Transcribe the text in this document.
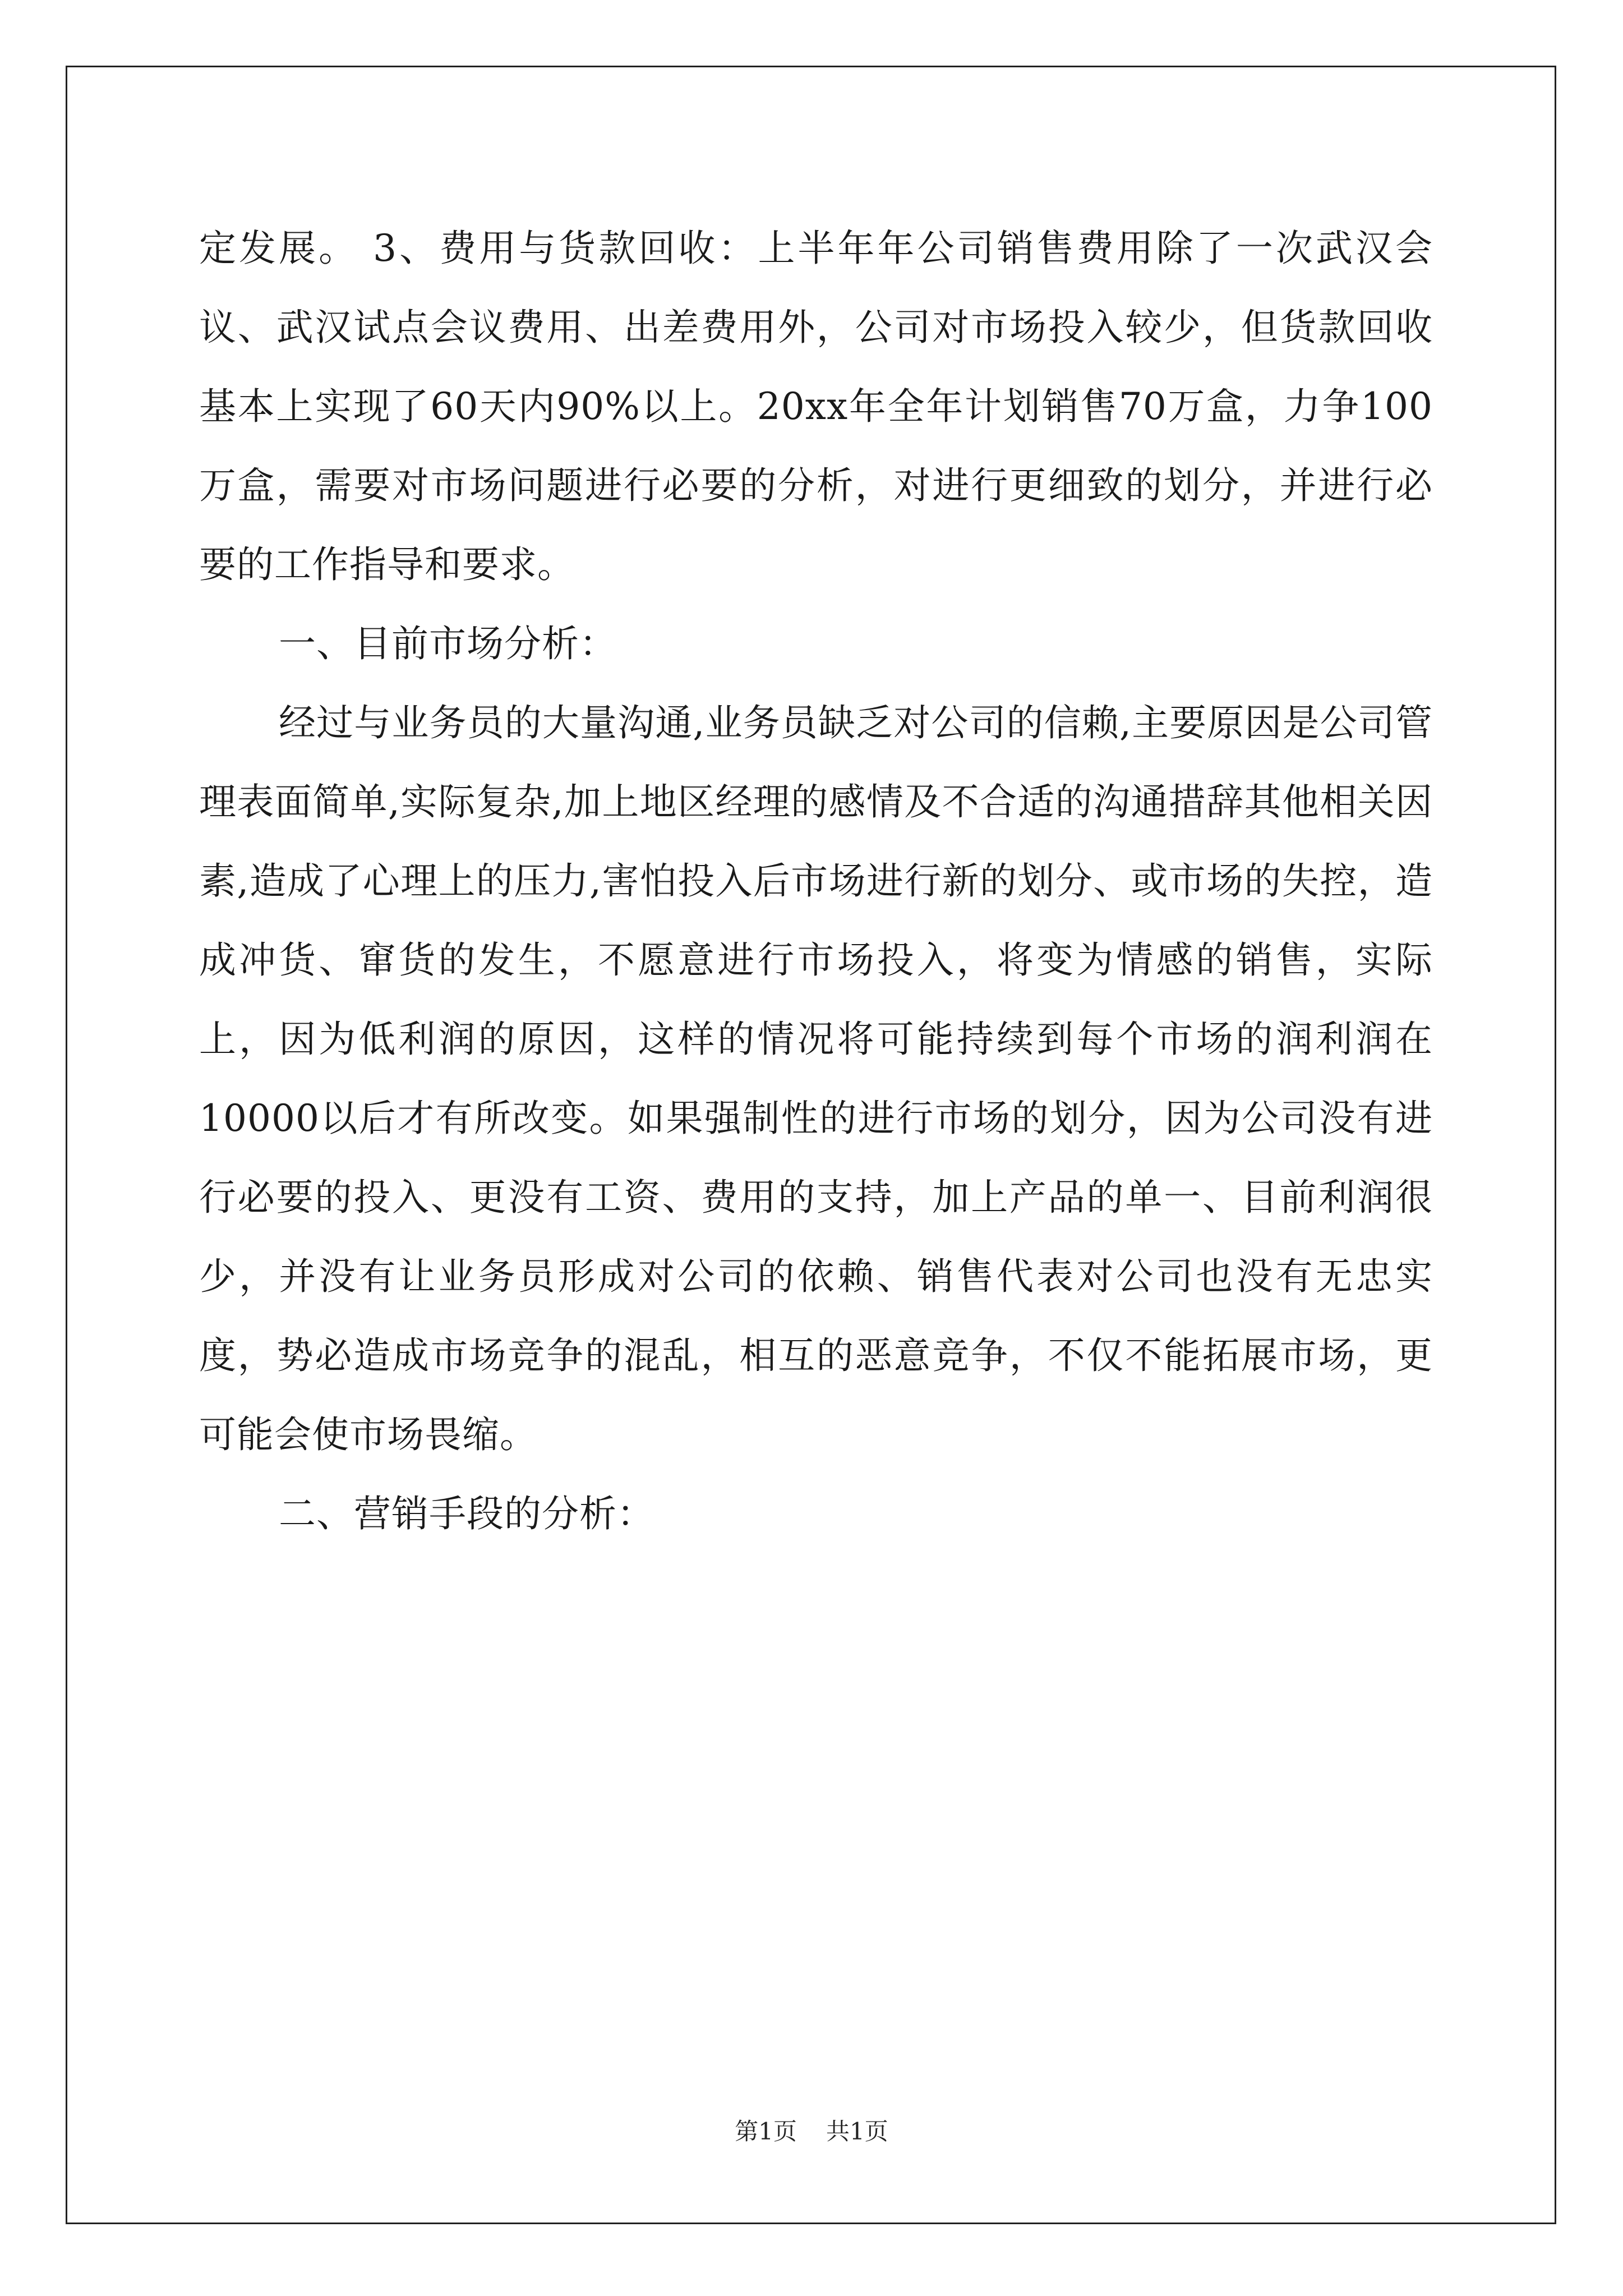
定发展。 3、费用与货款回收：上半年年公司销售费用除了一次武汉会议、武汉试点会议费用、出差费用外，公司对市场投入较少，但货款回收基本上实现了60天内90%以上。20xx年全年计划销售70万盒，力争100万盒，需要对市场问题进行必要的分析，对进行更细致的划分，并进行必要的工作指导和要求。

一、目前市场分析：

经过与业务员的大量沟通,业务员缺乏对公司的信赖,主要原因是公司管理表面简单,实际复杂,加上地区经理的感情及不合适的沟通措辞其他相关因素,造成了心理上的压力,害怕投入后市场进行新的划分、或市场的失控，造成冲货、窜货的发生，不愿意进行市场投入，将变为情感的销售，实际上，因为低利润的原因，这样的情况将可能持续到每个市场的润利润在10000以后才有所改变。如果强制性的进行市场的划分，因为公司没有进行必要的投入、更没有工资、费用的支持，加上产品的单一、目前利润很少，并没有让业务员形成对公司的依赖、销售代表对公司也没有无忠实度，势必造成市场竞争的混乱，相互的恶意竞争，不仅不能拓展市场，更可能会使市场畏缩。

二、营销手段的分析：

第1页 共1页
